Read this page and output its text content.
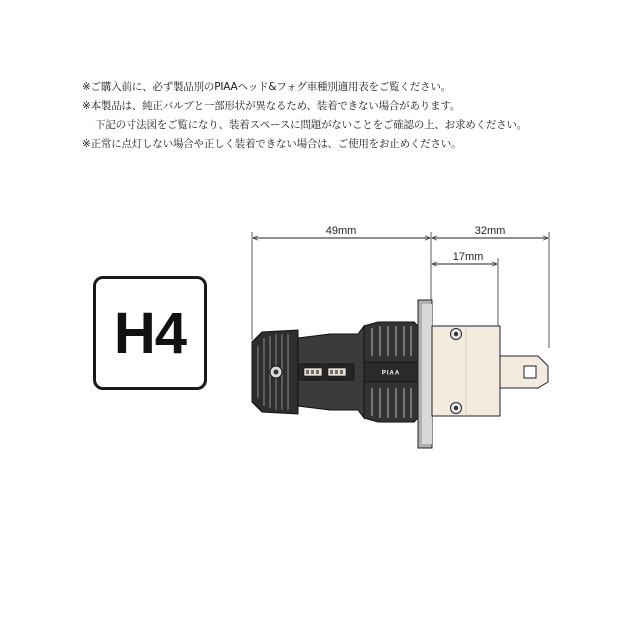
※ご購入前に、必ず製品別のPIAAヘッド&フォグ車種別適用表をご覧ください。
※本製品は、純正バルブと一部形状が異なるため、装着できない場合があります。
下記の寸法図をご覧になり、装着スペースに問題がないことをご確認の上、お求めください。
※正常に点灯しない場合や正しく装着できない場合は、ご使用をお止めください。
H4
49mm	32mm
17mm
PIAA
